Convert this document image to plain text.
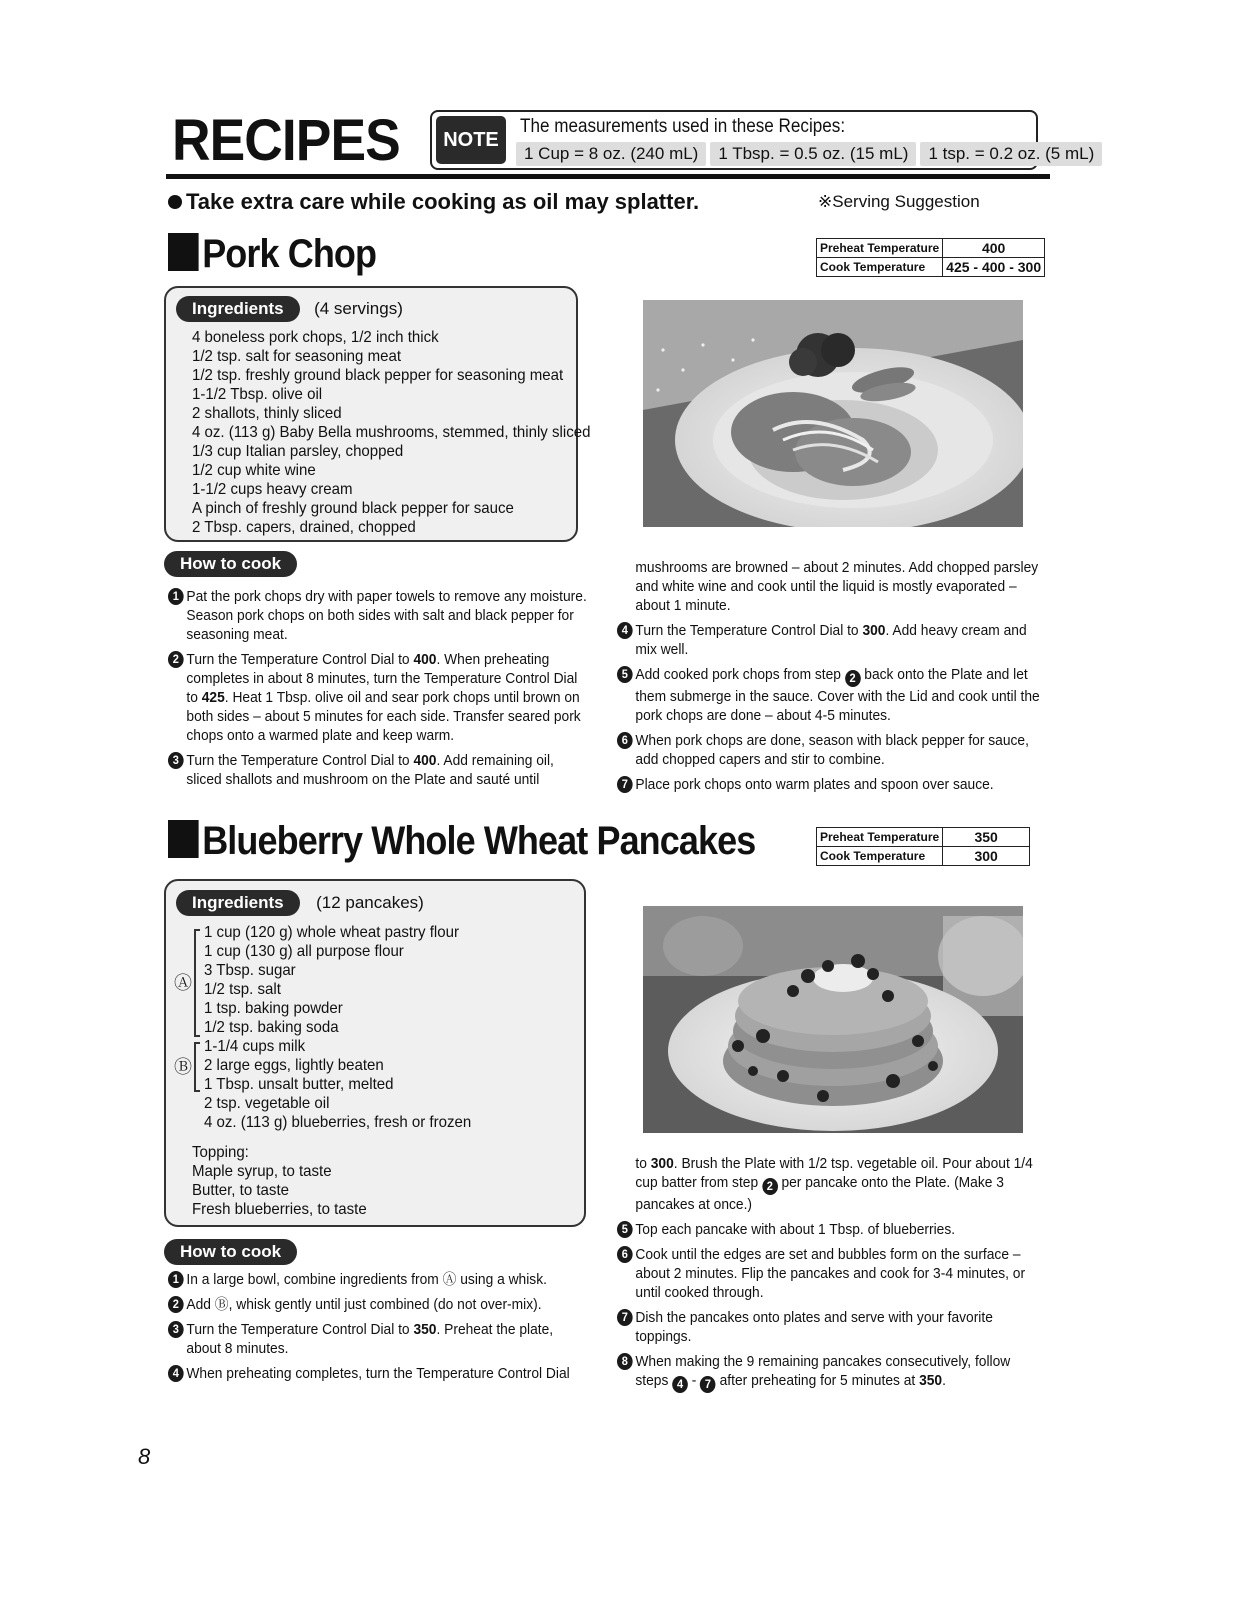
RECIPES	NOTE
The measurements used in these Recipes:
1 Cup = 8 oz. (240 mL)	1 Tbsp. = 0.5 oz. (15 mL)	1 tsp. = 0.2 oz. (5 mL)
Take extra care while cooking as oil may splatter.	※Serving Suggestion
Pork Chop	Preheat Temperature	400
Cook Temperature	425 - 400 - 300
Ingredients (4 servings)
4 boneless pork chops, 1/2 inch thick
1/2 tsp. salt for seasoning meat
1/2 tsp. freshly ground black pepper for seasoning meat
1-1/2 Tbsp. olive oil
2 shallots, thinly sliced
4 oz. (113 g) Baby Bella mushrooms, stemmed, thinly sliced
1/3 cup Italian parsley, chopped
1/2 cup white wine
1-1/2 cups heavy cream
A pinch of freshly ground black pepper for sauce
2 Tbsp. capers, drained, chopped
How to cook
1 Pat the pork chops dry with paper towels to remove any moisture. Season pork chops on both sides with salt and black pepper for seasoning meat.
2 Turn the Temperature Control Dial to 400. When preheating completes in about 8 minutes, turn the Temperature Control Dial to 425. Heat 1 Tbsp. olive oil and sear pork chops until brown on both sides – about 5 minutes for each side. Transfer seared pork chops onto a warmed plate and keep warm.
3 Turn the Temperature Control Dial to 400. Add remaining oil, sliced shallots and mushroom on the Plate and sauté until
mushrooms are browned – about 2 minutes. Add chopped parsley and white wine and cook until the liquid is mostly evaporated – about 1 minute.
4 Turn the Temperature Control Dial to 300. Add heavy cream and mix well.
5 Add cooked pork chops from step 2 back onto the Plate and let them submerge in the sauce. Cover with the Lid and cook until the pork chops are done – about 4-5 minutes.
6 When pork chops are done, season with black pepper for sauce, add chopped capers and stir to combine.
7 Place pork chops onto warm plates and spoon over sauce.
Blueberry Whole Wheat Pancakes	Preheat Temperature	350
Cook Temperature	300
Ingredients (12 pancakes)
Ⓐ
Ⓑ
1 cup (120 g) whole wheat pastry flour
1 cup (130 g) all purpose flour
3 Tbsp. sugar
1/2 tsp. salt
1 tsp. baking powder
1/2 tsp. baking soda
1-1/4 cups milk
2 large eggs, lightly beaten
1 Tbsp. unsalt butter, melted
2 tsp. vegetable oil
4 oz. (113 g) blueberries, fresh or frozen
Topping:
Maple syrup, to taste
Butter, to taste
Fresh blueberries, to taste
How to cook
1 In a large bowl, combine ingredients from Ⓐ using a whisk.
2 Add Ⓑ, whisk gently until just combined (do not over-mix).
3 Turn the Temperature Control Dial to 350. Preheat the plate, about 8 minutes.
4 When preheating completes, turn the Temperature Control Dial
to 300. Brush the Plate with 1/2 tsp. vegetable oil. Pour about 1/4 cup batter from step 2 per pancake onto the Plate. (Make 3 pancakes at once.)
5 Top each pancake with about 1 Tbsp. of blueberries.
6 Cook until the edges are set and bubbles form on the surface – about 2 minutes. Flip the pancakes and cook for 3-4 minutes, or until cooked through.
7 Dish the pancakes onto plates and serve with your favorite toppings.
8 When making the 9 remaining pancakes consecutively, follow steps 4 - 7 after preheating for 5 minutes at 350.
8
